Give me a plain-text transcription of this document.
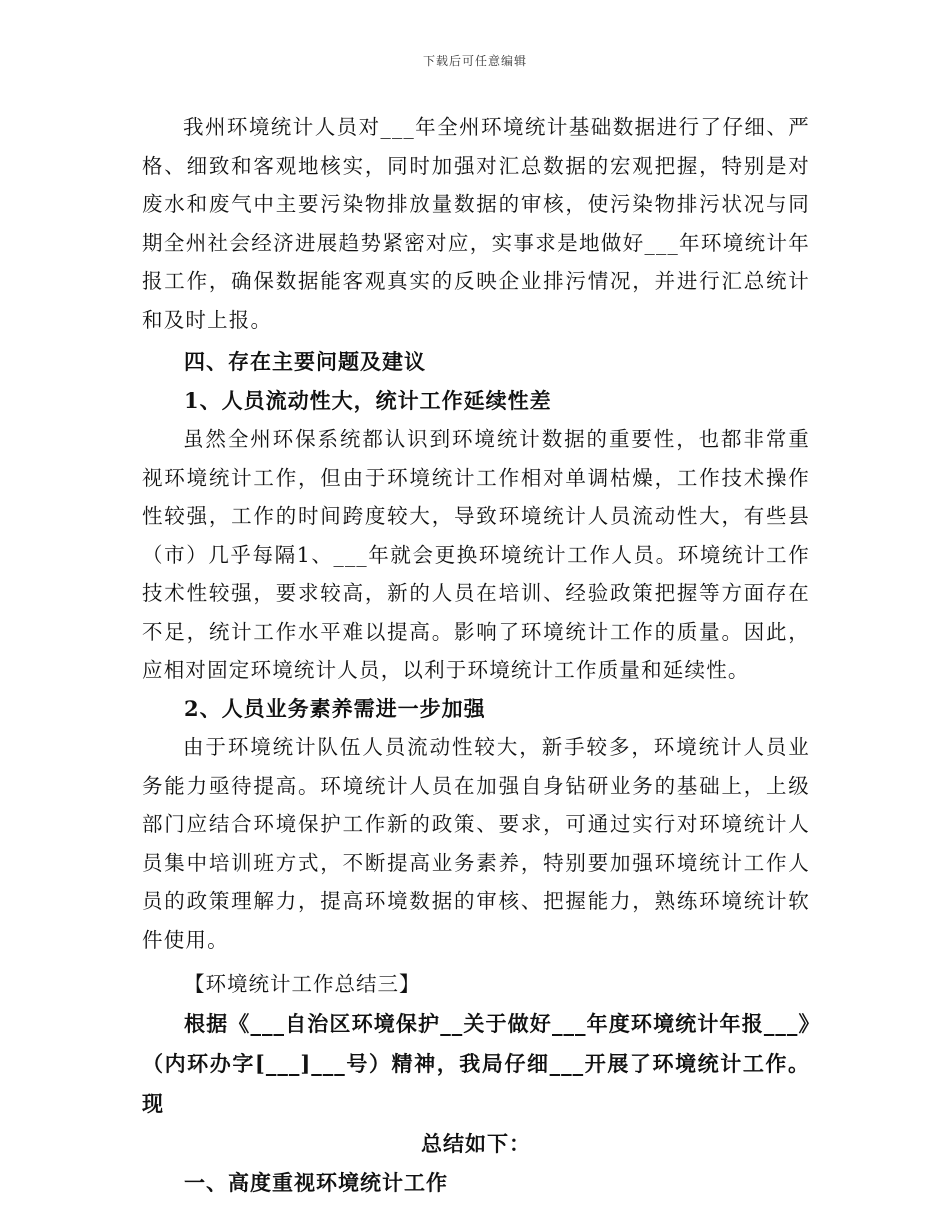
下载后可任意编辑

我州环境统计人员对___年全州环境统计基础数据进行了仔细、严格、细致和客观地核实，同时加强对汇总数据的宏观把握，特别是对废水和废气中主要污染物排放量数据的审核，使污染物排污状况与同期全州社会经济进展趋势紧密对应，实事求是地做好___年环境统计年报工作，确保数据能客观真实的反映企业排污情况，并进行汇总统计和及时上报。

四、存在主要问题及建议

1、人员流动性大，统计工作延续性差

虽然全州环保系统都认识到环境统计数据的重要性，也都非常重视环境统计工作，但由于环境统计工作相对单调枯燥，工作技术操作性较强，工作的时间跨度较大，导致环境统计人员流动性大，有些县（市）几乎每隔1、___年就会更换环境统计工作人员。环境统计工作技术性较强，要求较高，新的人员在培训、经验政策把握等方面存在不足，统计工作水平难以提高。影响了环境统计工作的质量。因此，应相对固定环境统计人员，以利于环境统计工作质量和延续性。

2、人员业务素养需进一步加强

由于环境统计队伍人员流动性较大，新手较多，环境统计人员业务能力亟待提高。环境统计人员在加强自身钻研业务的基础上，上级部门应结合环境保护工作新的政策、要求，可通过实行对环境统计人员集中培训班方式，不断提高业务素养，特别要加强环境统计工作人员的政策理解力，提高环境数据的审核、把握能力，熟练环境统计软件使用。

【环境统计工作总结三】

根据《___自治区环境保护__关于做好___年度环境统计年报___》（内环办字[___]___号）精神，我局仔细___开展了环境统计工作。现

总结如下：

一、高度重视环境统计工作
